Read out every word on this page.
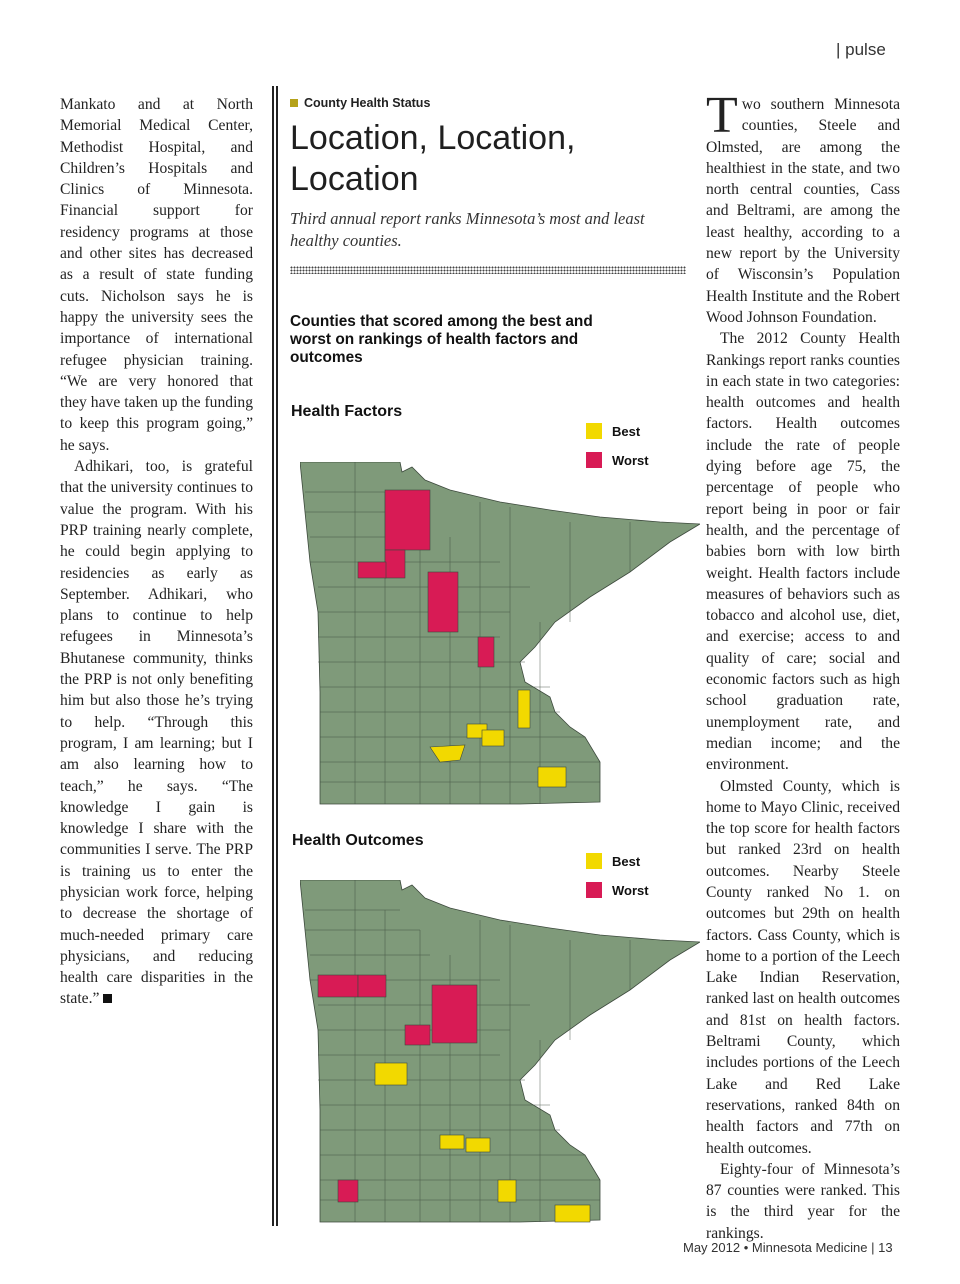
| pulse

Mankato and at North Memorial Medical Center, Methodist Hospital, and Children’s Hospitals and Clinics of Minnesota. Financial support for residency programs at those and other sites has decreased as a result of state funding cuts. Nicholson says he is happy the university sees the importance of international refugee physician training. “We are very honored that they have taken up the funding to keep this program going,” he says.

Adhikari, too, is grateful that the university continues to value the program. With his PRP training nearly complete, he could begin applying to residencies as early as September. Adhikari, who plans to continue to help refugees in Minnesota’s Bhutanese community, thinks the PRP is not only benefiting him but also those he’s trying to help. “Through this program, I am learning; but I am also learning how to teach,” he says. “The knowledge I gain is knowledge I share with the communities I serve. The PRP is training us to enter the physician work force, helping to decrease the shortage of much-needed primary care physicians, and reducing health care disparities in the state.”

County Health Status
Location, Location, Location
Third annual report ranks Minnesota’s most and least healthy counties.
Counties that scored among the best and worst on rankings of health factors and outcomes
Health Factors
Best
Worst
Health Outcomes
Best
Worst

Two southern Minnesota counties, Steele and Olmsted, are among the healthiest in the state, and two north central counties, Cass and Beltrami, are among the least healthy, according to a new report by the University of Wisconsin’s Population Health Institute and the Robert Wood Johnson Foundation.

The 2012 County Health Rankings report ranks counties in each state in two categories: health outcomes and health factors. Health outcomes include the rate of people dying before age 75, the percentage of people who report being in poor or fair health, and the percentage of babies born with low birth weight. Health factors include measures of behaviors such as tobacco and alcohol use, diet, and exercise; access to and quality of care; social and economic factors such as high school graduation rate, unemployment rate, and median income; and the environment.

Olmsted County, which is home to Mayo Clinic, received the top score for health factors but ranked 23rd on health outcomes. Nearby Steele County ranked No 1. on outcomes but 29th on health factors. Cass County, which is home to a portion of the Leech Lake Indian Reservation, ranked last on health outcomes and 81st on health factors. Beltrami County, which includes portions of the Leech Lake and Red Lake reservations, ranked 84th on health factors and 77th on health outcomes.

Eighty-four of Minnesota’s 87 counties were ranked. This is the third year for the rankings.

May 2012 • Minnesota Medicine | 13
